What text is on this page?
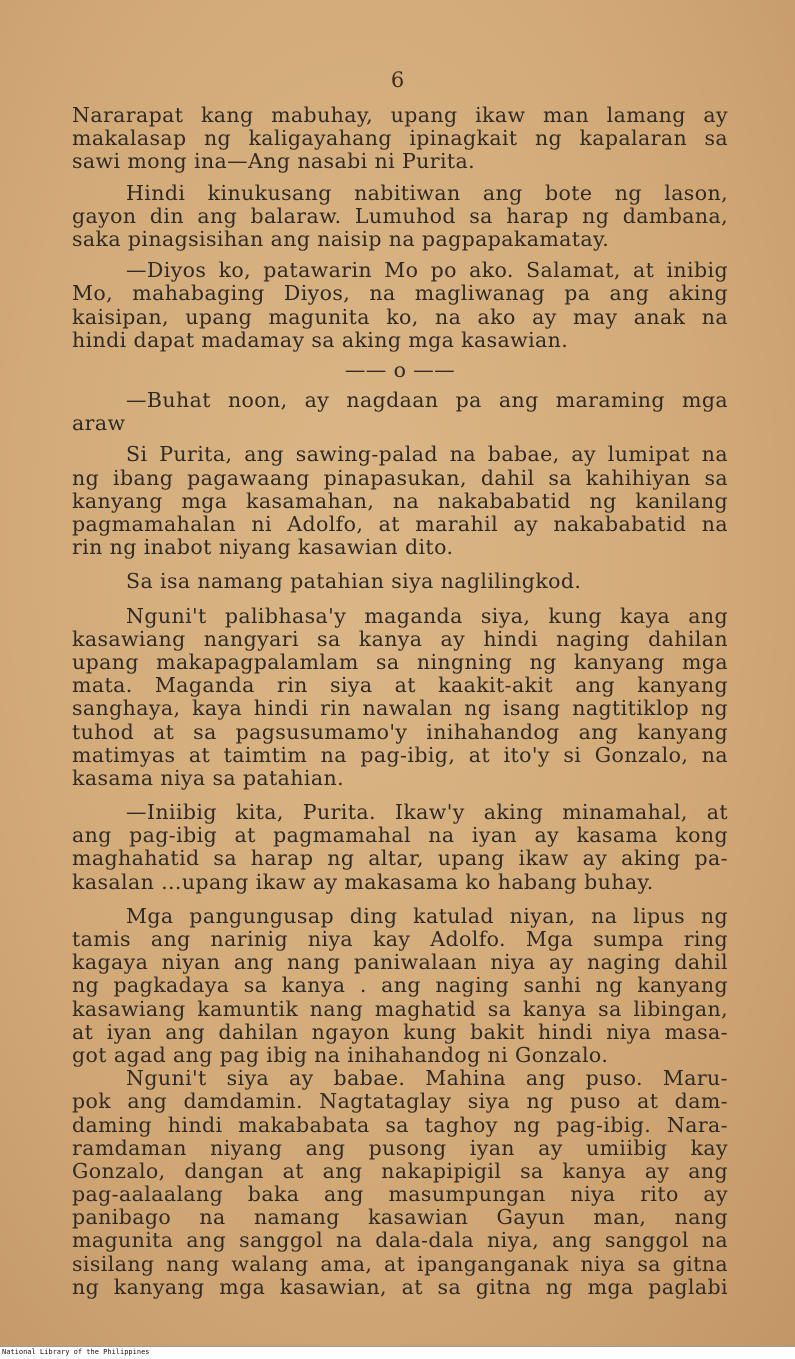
6
Nararapat kang mabuhay, upang ikaw man lamang ay
makalasap ng kaligayahang ipinagkait ng kapalaran sa
sawi mong ina—Ang nasabi ni Purita.
Hindi kinukusang nabitiwan ang bote ng lason,
gayon din ang balaraw. Lumuhod sa harap ng dambana,
saka pinagsisihan ang naisip na pagpapakamatay.
—Diyos ko, patawarin Mo po ako. Salamat, at inibig
Mo, mahabaging Diyos, na magliwanag pa ang aking
kaisipan, upang magunita ko, na ako ay may anak na
hindi dapat madamay sa aking mga kasawian.
—— o ——
—Buhat noon, ay nagdaan pa ang maraming mga
araw
Si Purita, ang sawing-palad na babae, ay lumipat na
ng ibang pagawaang pinapasukan, dahil sa kahihiyan sa
kanyang mga kasamahan, na nakababatid ng kanilang
pagmamahalan ni Adolfo, at marahil ay nakababatid na
rin ng inabot niyang kasawian dito.
Sa isa namang patahian siya naglilingkod.
Nguni't palibhasa'y maganda siya, kung kaya ang
kasawiang nangyari sa kanya ay hindi naging dahilan
upang makapagpalamlam sa ningning ng kanyang mga
mata. Maganda rin siya at kaakit-akit ang kanyang
sanghaya, kaya hindi rin nawalan ng isang nagtitiklop ng
tuhod at sa pagsusumamo'y inihahandog ang kanyang
matimyas at taimtim na pag-ibig, at ito'y si Gonzalo, na
kasama niya sa patahian.
—Iniibig kita, Purita. Ikaw'y aking minamahal, at
ang pag-ibig at pagmamahal na iyan ay kasama kong
maghahatid sa harap ng altar, upang ikaw ay aking pa-
kasalan ...upang ikaw ay makasama ko habang buhay.
Mga pangungusap ding katulad niyan, na lipus ng
tamis ang narinig niya kay Adolfo. Mga sumpa ring
kagaya niyan ang nang paniwalaan niya ay naging dahil
ng pagkadaya sa kanya . ang naging sanhi ng kanyang
kasawiang kamuntik nang maghatid sa kanya sa libingan,
at iyan ang dahilan ngayon kung bakit hindi niya masa-
got agad ang pag ibig na inihahandog ni Gonzalo.
Nguni't siya ay babae. Mahina ang puso. Maru-
pok ang damdamin. Nagtataglay siya ng puso at dam-
daming hindi makababata sa taghoy ng pag-ibig. Nara-
ramdaman niyang ang pusong iyan ay umiibig kay
Gonzalo, dangan at ang nakapipigil sa kanya ay ang
pag-aalaalang baka ang masumpungan niya rito ay
panibago na namang kasawian Gayun man, nang
magunita ang sanggol na dala-dala niya, ang sanggol na
sisilang nang walang ama, at ipanganganak niya sa gitna
ng kanyang mga kasawian, at sa gitna ng mga paglabi
National Library of the Philippines
